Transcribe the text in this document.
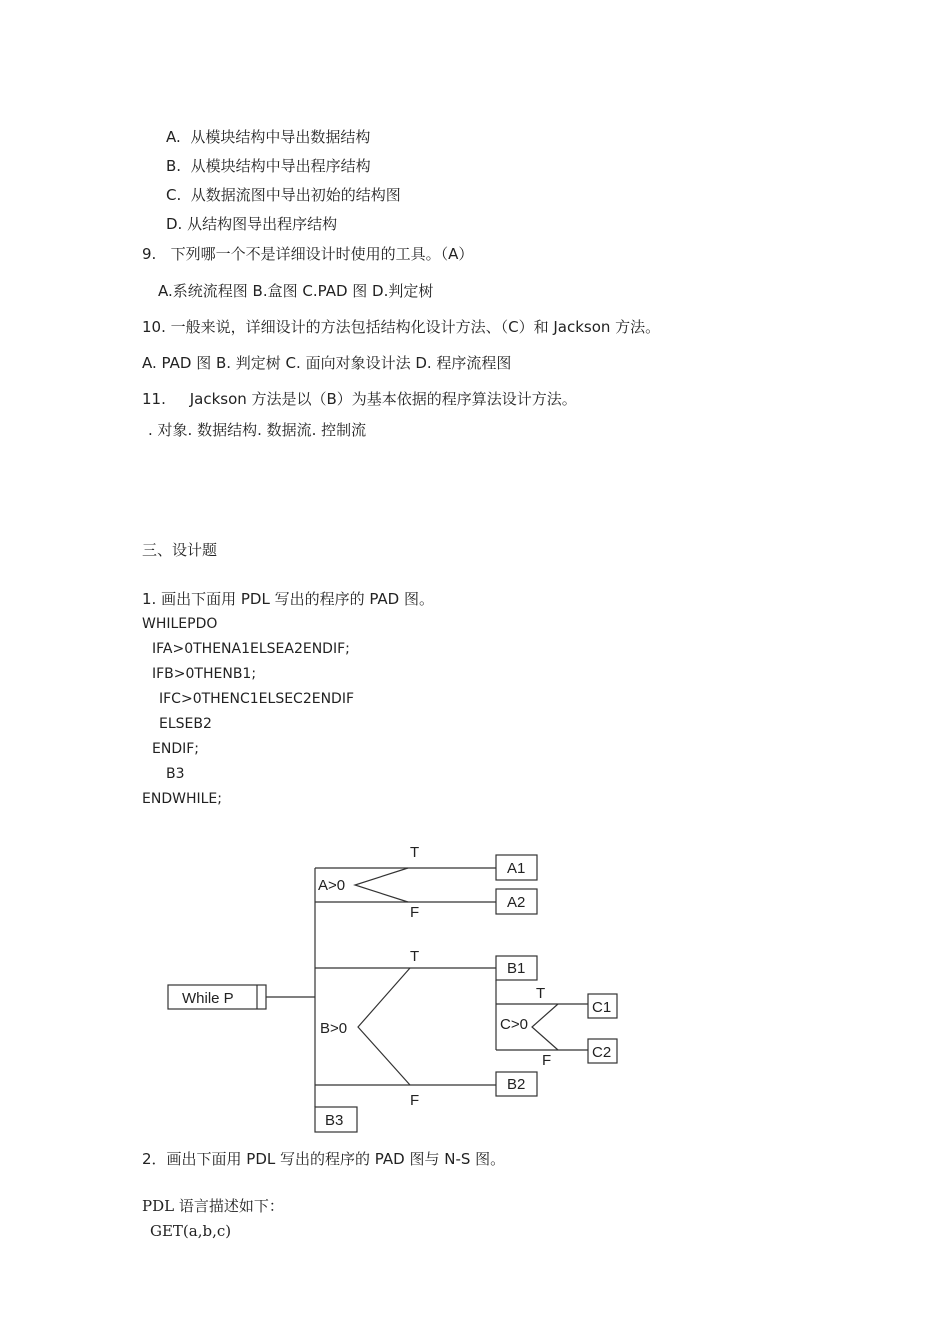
A. 从模块结构中导出数据结构
B. 从模块结构中导出程序结构
C. 从数据流图中导出初始的结构图
D. 从结构图导出程序结构
9. 下列哪一个不是详细设计时使用的工具。（A）
A.系统流程图 B.盒图 C.PAD 图 D.判定树
10. 一般来说，详细设计的方法包括结构化设计方法、（C）和 Jackson 方法。
A. PAD 图 B. 判定树 C. 面向对象设计法 D. 程序流程图
11. Jackson 方法是以（B）为基本依据的程序算法设计方法。
. 对象. 数据结构. 数据流. 控制流
三、设计题
1. 画出下面用 PDL 写出的程序的 PAD 图。
WHILEPDO
IFA>0THENA1ELSEA2ENDIF;
IFB>0THENB1;
IFC>0THENC1ELSEC2ENDIF
ELSEB2
ENDIF;
B3
ENDWHILE;
While P
A>0
T
F
A1
A2
B>0
T
F
B1
B2
C>0
T
F
C1
C2
B3
2．画出下面用 PDL 写出的程序的 PAD 图与 N-S 图。
PDL 语言描述如下：
GET(a,b,c)
